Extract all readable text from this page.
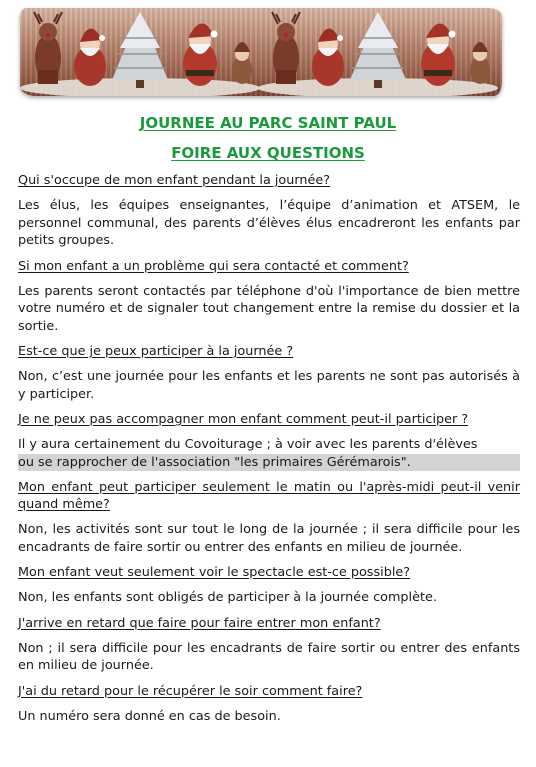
JOURNEE AU PARC SAINT PAUL
FOIRE AUX QUESTIONS

Qui s'occupe de mon enfant pendant la journée?

Les élus, les équipes enseignantes, l’équipe d’animation et ATSEM, le personnel communal, des parents d’élèves élus encadreront les enfants par petits groupes.

Si mon enfant a un problème qui sera contacté et comment?

Les parents seront contactés par téléphone d'où l'importance de bien mettre votre numéro et de signaler tout changement entre la remise du dossier et la sortie.

Est-ce que je peux participer à la journée ?

Non, c’est une journée pour les enfants et les parents ne sont pas autorisés à y participer.

Je ne peux pas accompagner mon enfant comment peut-il participer ?

Il y aura certainement du Covoiturage ; à voir avec les parents d'élèves
ou se rapprocher de l'association "les primaires Gérémarois".

Mon enfant peut participer seulement le matin ou l'après-midi peut-il venir quand même?

Non, les activités sont sur tout le long de la journée ; il sera difficile pour les encadrants de faire sortir ou entrer des enfants en milieu de journée.

Mon enfant veut seulement voir le spectacle est-ce possible?

Non, les enfants sont obligés de participer à la journée complète.

J'arrive en retard que faire pour faire entrer mon enfant?

Non ; il sera difficile pour les encadrants de faire sortir ou entrer des enfants en milieu de journée.

J'ai du retard pour le récupérer le soir comment faire?

Un numéro sera donné en cas de besoin.
